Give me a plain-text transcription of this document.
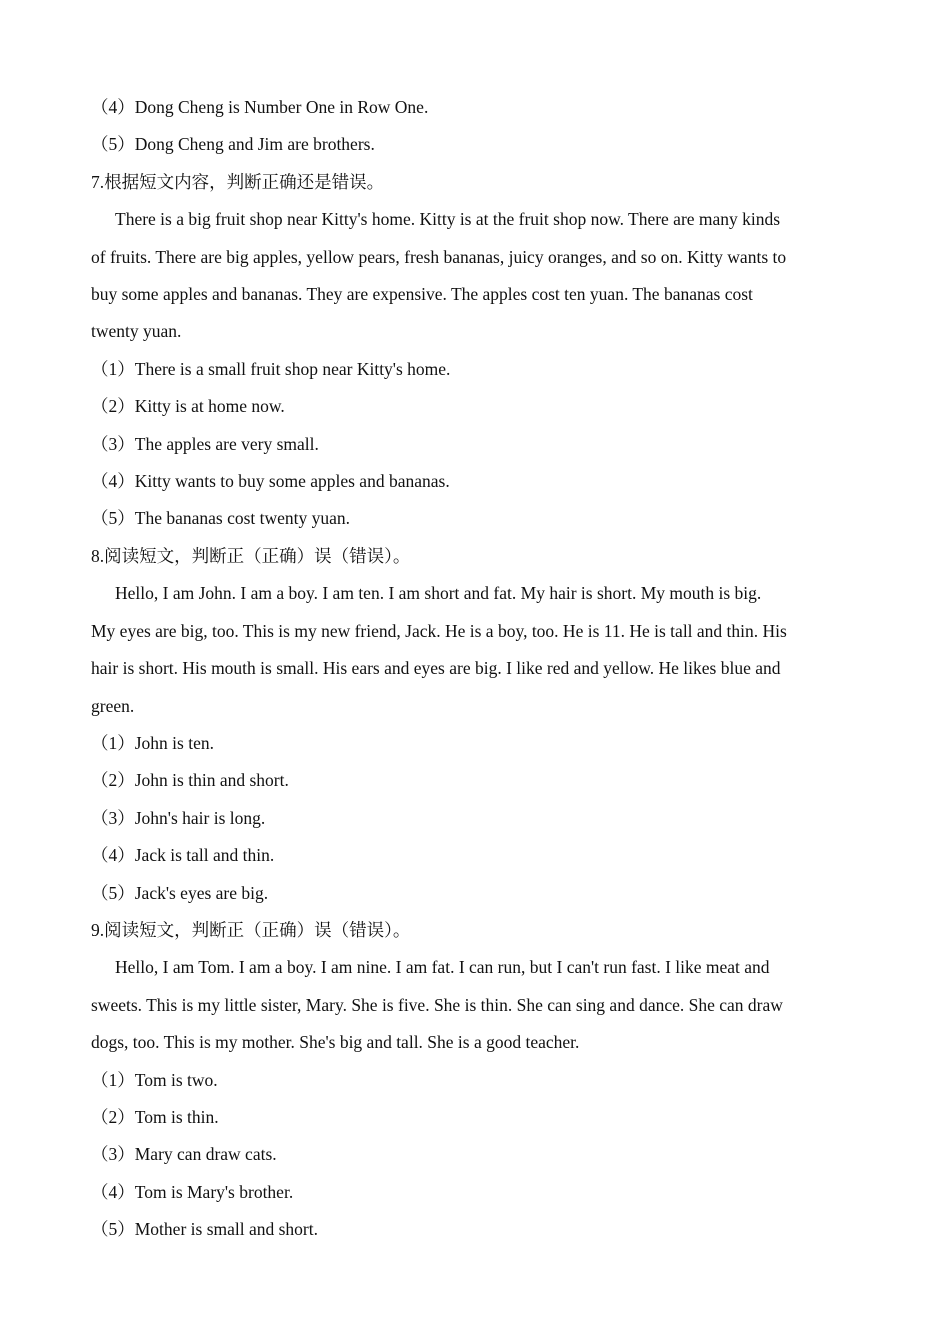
（4）Dong Cheng is Number One in Row One.
（5）Dong Cheng and Jim are brothers.
7.根据短文内容，判断正确还是错误。
There is a big fruit shop near Kitty's home. Kitty is at the fruit shop now. There are many kinds
of fruits. There are big apples, yellow pears, fresh bananas, juicy oranges, and so on. Kitty wants to
buy some apples and bananas. They are expensive. The apples cost ten yuan. The bananas cost
twenty yuan.
（1）There is a small fruit shop near Kitty's home.
（2）Kitty is at home now.
（3）The apples are very small.
（4）Kitty wants to buy some apples and bananas.
（5）The bananas cost twenty yuan.
8.阅读短文，判断正（正确）误（错误）。
Hello, I am John. I am a boy. I am ten. I am short and fat. My hair is short. My mouth is big.
My eyes are big, too. This is my new friend, Jack. He is a boy, too. He is 11. He is tall and thin. His
hair is short. His mouth is small. His ears and eyes are big. I like red and yellow. He likes blue and
green.
（1）John is ten.
（2）John is thin and short.
（3）John's hair is long.
（4）Jack is tall and thin.
（5）Jack's eyes are big.
9.阅读短文，判断正（正确）误（错误）。
Hello, I am Tom. I am a boy. I am nine. I am fat. I can run, but I can't run fast. I like meat and
sweets. This is my little sister, Mary. She is five. She is thin. She can sing and dance. She can draw
dogs, too. This is my mother. She's big and tall. She is a good teacher.
（1）Tom is two.
（2）Tom is thin.
（3）Mary can draw cats.
（4）Tom is Mary's brother.
（5）Mother is small and short.
